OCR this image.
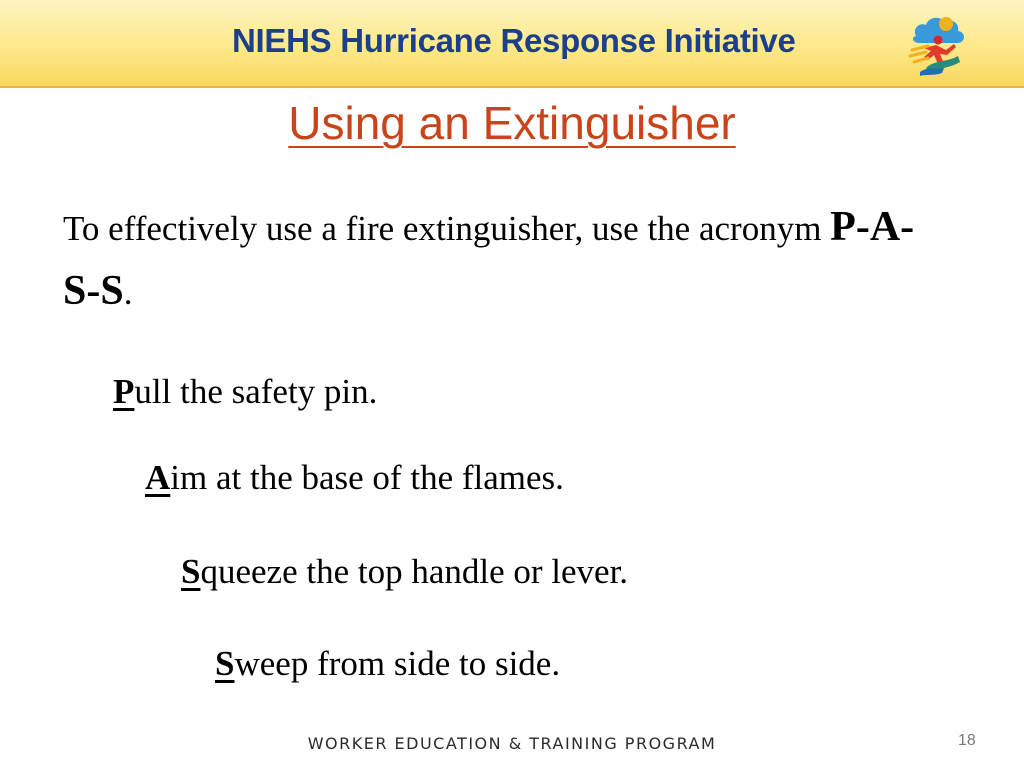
NIEHS Hurricane Response Initiative
Using an Extinguisher
To effectively use a fire extinguisher, use the acronym P-A-S-S.
Pull the safety pin.
Aim at the base of the flames.
Squeeze the top handle or lever.
Sweep from side to side.
WORKER EDUCATION & TRAINING PROGRAM	18
